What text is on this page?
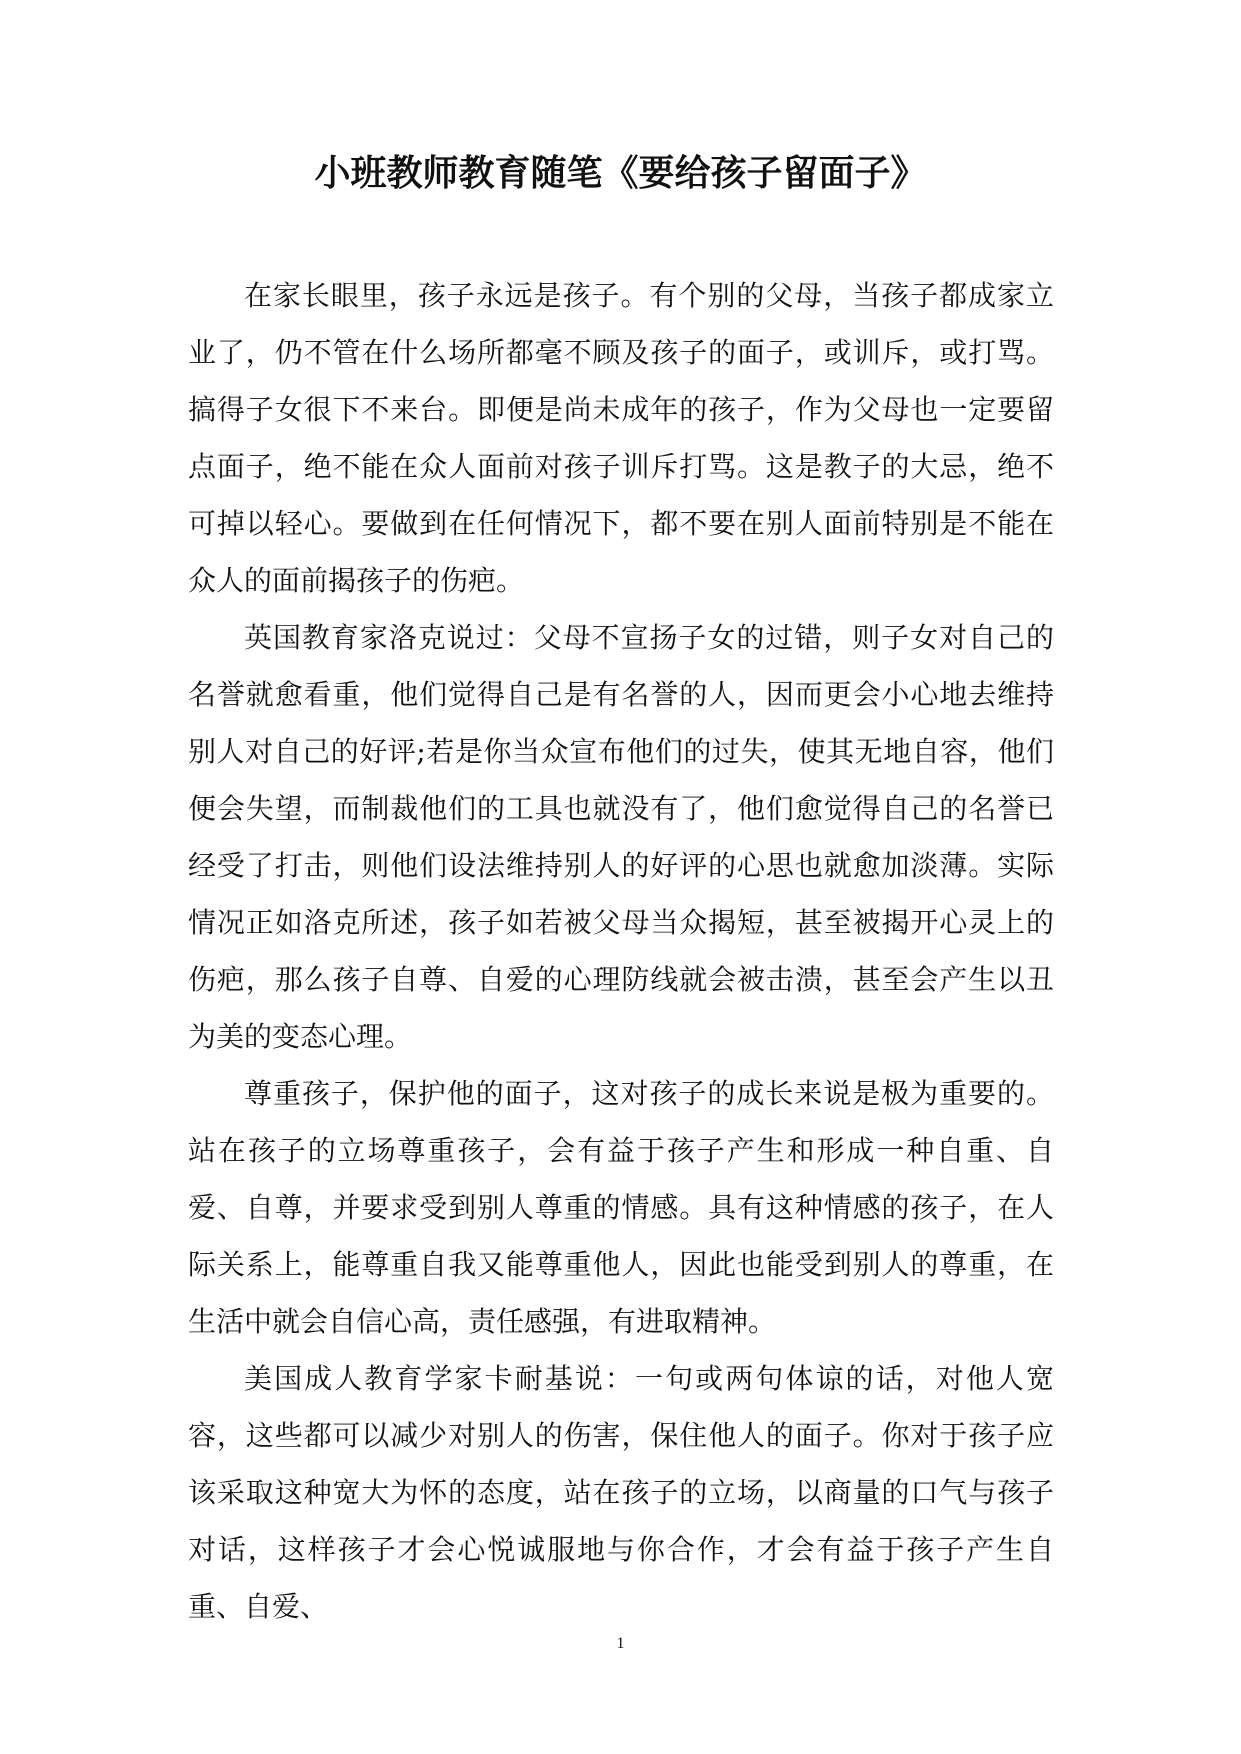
小班教师教育随笔《要给孩子留面子》

在家长眼里，孩子永远是孩子。有个别的父母，当孩子都成家立业了，仍不管在什么场所都毫不顾及孩子的面子，或训斥，或打骂。搞得子女很下不来台。即便是尚未成年的孩子，作为父母也一定要留点面子，绝不能在众人面前对孩子训斥打骂。这是教子的大忌，绝不可掉以轻心。要做到在任何情况下，都不要在别人面前特别是不能在众人的面前揭孩子的伤疤。

英国教育家洛克说过：父母不宣扬子女的过错，则子女对自己的名誉就愈看重，他们觉得自己是有名誉的人，因而更会小心地去维持别人对自己的好评;若是你当众宣布他们的过失，使其无地自容，他们便会失望，而制裁他们的工具也就没有了，他们愈觉得自己的名誉已经受了打击，则他们设法维持别人的好评的心思也就愈加淡薄。实际情况正如洛克所述，孩子如若被父母当众揭短，甚至被揭开心灵上的伤疤，那么孩子自尊、自爱的心理防线就会被击溃，甚至会产生以丑为美的变态心理。

尊重孩子，保护他的面子，这对孩子的成长来说是极为重要的。站在孩子的立场尊重孩子，会有益于孩子产生和形成一种自重、自爱、自尊，并要求受到别人尊重的情感。具有这种情感的孩子，在人际关系上，能尊重自我又能尊重他人，因此也能受到别人的尊重，在生活中就会自信心高，责任感强，有进取精神。

美国成人教育学家卡耐基说：一句或两句体谅的话，对他人宽容，这些都可以减少对别人的伤害，保住他人的面子。你对于孩子应该采取这种宽大为怀的态度，站在孩子的立场，以商量的口气与孩子对话，这样孩子才会心悦诚服地与你合作，才会有益于孩子产生自重、自爱、

1
